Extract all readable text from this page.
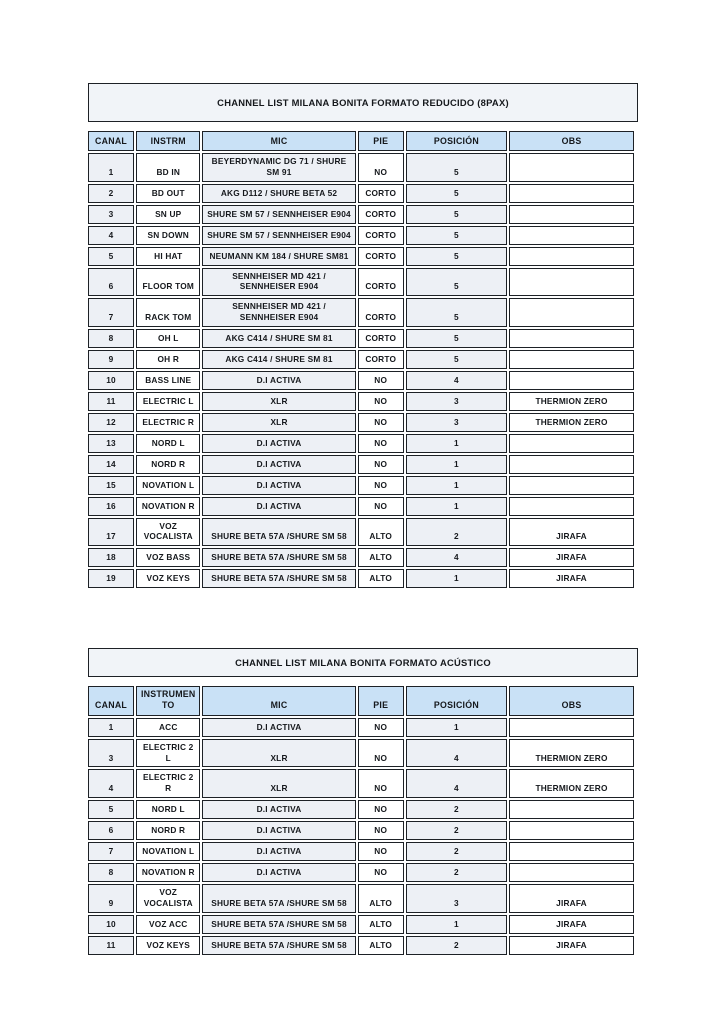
CHANNEL LIST MILANA BONITA FORMATO REDUCIDO (8PAX)
CANAL	INSTRM	MIC	PIE	POSICIÓN	OBS
1	BD IN	BEYERDYNAMIC DG 71 / SHURE SM 91	NO	5	
2	BD OUT	AKG D112 / SHURE BETA 52	CORTO	5	
3	SN UP	SHURE SM 57 / SENNHEISER E904	CORTO	5	
4	SN DOWN	SHURE SM 57 / SENNHEISER E904	CORTO	5	
5	HI HAT	NEUMANN KM 184 / SHURE SM81	CORTO	5	
6	FLOOR TOM	SENNHEISER MD 421 / SENNHEISER E904	CORTO	5	
7	RACK TOM	SENNHEISER MD 421 / SENNHEISER E904	CORTO	5	
8	OH L	AKG C414 / SHURE SM 81	CORTO	5	
9	OH R	AKG C414 / SHURE SM 81	CORTO	5	
10	BASS LINE	D.I ACTIVA	NO	4	
11	ELECTRIC L	XLR	NO	3	THERMION ZERO
12	ELECTRIC R	XLR	NO	3	THERMION ZERO
13	NORD L	D.I ACTIVA	NO	1	
14	NORD R	D.I ACTIVA	NO	1	
15	NOVATION L	D.I ACTIVA	NO	1	
16	NOVATION R	D.I ACTIVA	NO	1	
17	VOZ VOCALISTA	SHURE BETA 57A /SHURE SM 58	ALTO	2	JIRAFA
18	VOZ BASS	SHURE BETA 57A /SHURE SM 58	ALTO	4	JIRAFA
19	VOZ KEYS	SHURE BETA 57A /SHURE SM 58	ALTO	1	JIRAFA
CHANNEL LIST MILANA BONITA FORMATO ACÚSTICO
CANAL	INSTRUMENTO	MIC	PIE	POSICIÓN	OBS
1	ACC	D.I ACTIVA	NO	1	
3	ELECTRIC 2 L	XLR	NO	4	THERMION ZERO
4	ELECTRIC 2 R	XLR	NO	4	THERMION ZERO
5	NORD L	D.I ACTIVA	NO	2	
6	NORD R	D.I ACTIVA	NO	2	
7	NOVATION L	D.I ACTIVA	NO	2	
8	NOVATION R	D.I ACTIVA	NO	2	
9	VOZ VOCALISTA	SHURE BETA 57A /SHURE SM 58	ALTO	3	JIRAFA
10	VOZ ACC	SHURE BETA 57A /SHURE SM 58	ALTO	1	JIRAFA
11	VOZ KEYS	SHURE BETA 57A /SHURE SM 58	ALTO	2	JIRAFA
